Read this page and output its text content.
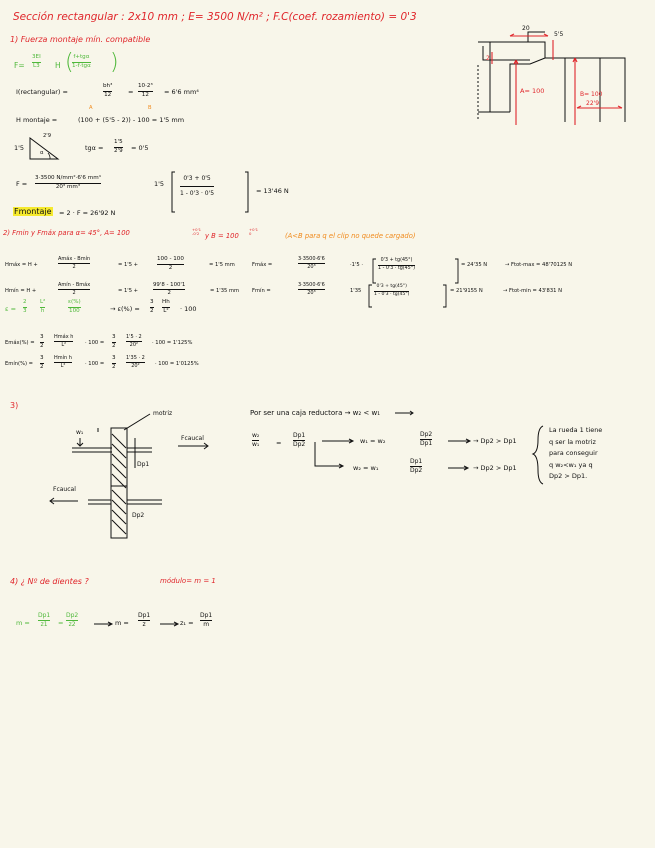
Sección rectangular : 2x10 mm ; E= 3500 N/m² ; F.C(coef. rozamiento) = 0'3
1) Fuerza montaje mín. compatible
F=
3EI
L3 H ( f+tgα
1-f·tgα )
I(rectangular) =
bh³
12	=
10·2³
12 = 6'6 mm⁴
A	B
H montaje =	(100 + (5'5 - 2)) - 100 = 1'5 mm
1'5
2'9
α
tgα =
1'5
2'9 = 0'5
F =
3·3500 N/mm²·6'6 mm⁴
20³ mm³	1'5
0'3 + 0'5
1 - 0'3 · 0'5	= 13'46 N
Fmontaje = 2 · F = 26'92 N
2) Fmin y Fmáx para α= 45°, A= 100	+0'1
-0'2 y B = 100
+0'1
0	(A<B para q el clip no quede cargado)
Hmáx = H +
Amáx - Bmín
2	= 1'5 +
100 - 100
2	= 1'5 mm	Fmáx =
3·3500·6'6
20³	·1'5 ·
0'3 + tg(45°)
1 - 0'3 · tg(45°)
= 24'35 N	→ Ftot-max = 48'70125 N
Hmín = H +
Amín - Bmáx
2	= 1'5 +
99'8 - 100'1
2	= 1'35 mm Fmín =
3·3500·6'6
20³	1'35
0'3 + tg(45°)
1 - 0'3 · tg(45°)
= 21'9155 N	→ Ftot-min = 43'831 N
ε =
2
3
L²
h
ε(%)
100	→ ε(%) =
3
2
Hh
L² · 100
Emáx(%) =
3
2
Hmáx h
L²	· 100 =
3
2
1'5 · 2
20²	· 100 = 1'125%
Emín(%) =
3
2
Hmín h
L²	· 100 =
3
2
1'35 · 2
20²	· 100 = 1'0125%
3)
motriz
w₁
Fcaucal
Fcaucal
Dp1
Dp2
Por ser una caja reductora → w₂ < w₁
w₂
w₁	=
Dp1
Dp2	w₁ = w₂
Dp2
Dp1	→ Dp2 > Dp1
w₂ = w₁
Dp1
Dp2	→ Dp2 > Dp1
La rueda 1 tiene
q ser la motriz
para conseguir
q w₂<w₁ ya q
Dp2 > Dp1.
4) ¿ Nº de dientes ?	módulo= m = 1
m =
Dp1
z1 =
Dp2
z2	m =
Dp1
z	z₁ =
Dp1
m
20
5'5
2
A= 100	B= 100
22'9
